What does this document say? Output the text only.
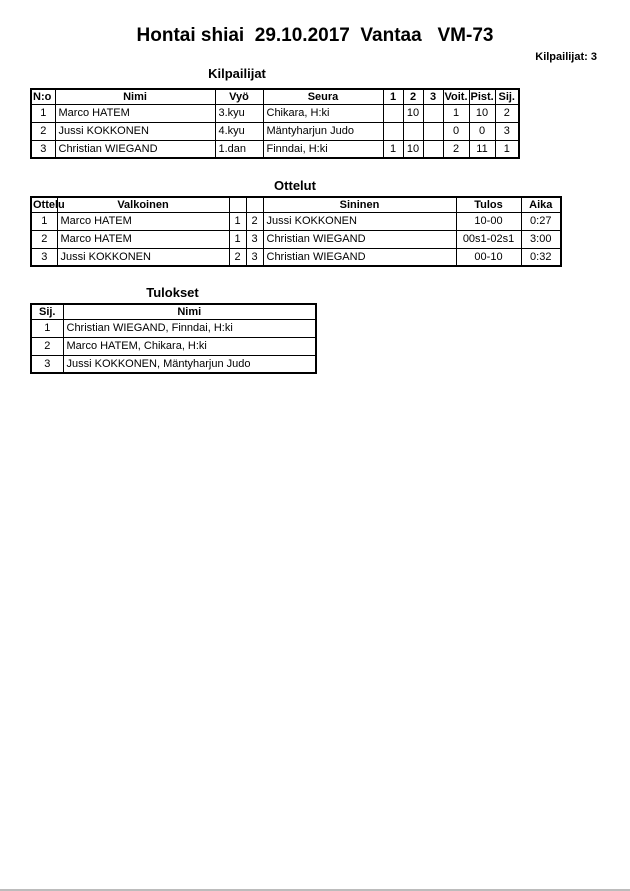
Hontai shiai  29.10.2017  Vantaa   VM-73
Kilpailijat: 3
Kilpailijat
N:o	Nimi	Vyö	Seura	1	2	3	Voit.	Pist.	Sij.
1	Marco HATEM	3.kyu	Chikara, H:ki		10		1	10	2
2	Jussi KOKKONEN	4.kyu	Mäntyharjun Judo				0	0	3
3	Christian WIEGAND	1.dan	Finndai, H:ki	1	10		2	11	1
Ottelut
Ottelu	Valkoinen			Sininen	Tulos	Aika
1	Marco HATEM	1	2	Jussi KOKKONEN	10-00	0:27
2	Marco HATEM	1	3	Christian WIEGAND	00s1-02s1	3:00
3	Jussi KOKKONEN	2	3	Christian WIEGAND	00-10	0:32
Tulokset
Sij.	Nimi
1	Christian WIEGAND, Finndai, H:ki
2	Marco HATEM, Chikara, H:ki
3	Jussi KOKKONEN, Mäntyharjun Judo
